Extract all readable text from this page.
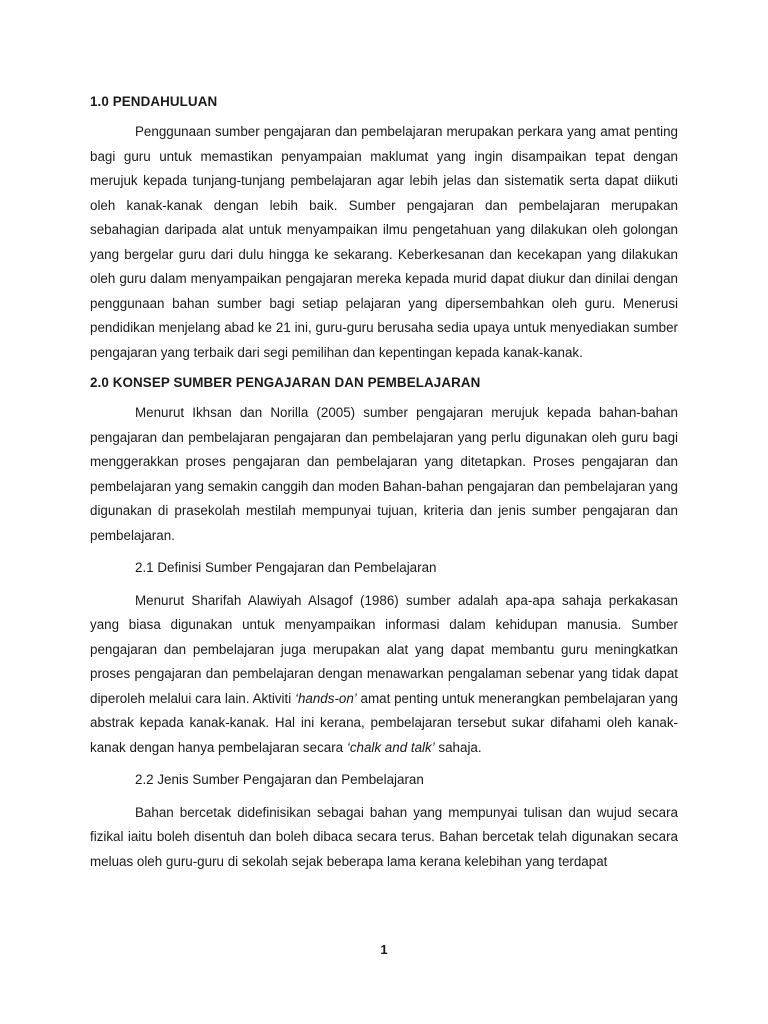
1.0 PENDAHULUAN

Penggunaan sumber pengajaran dan pembelajaran merupakan perkara yang amat penting bagi guru untuk memastikan penyampaian maklumat yang ingin disampaikan tepat dengan merujuk kepada tunjang-tunjang pembelajaran agar lebih jelas dan sistematik serta dapat diikuti oleh kanak-kanak dengan lebih baik. Sumber pengajaran dan pembelajaran merupakan sebahagian daripada alat untuk menyampaikan ilmu pengetahuan yang dilakukan oleh golongan yang bergelar guru dari dulu hingga ke sekarang. Keberkesanan dan kecekapan yang dilakukan oleh guru dalam menyampaikan pengajaran mereka kepada murid dapat diukur dan dinilai dengan penggunaan bahan sumber bagi setiap pelajaran yang dipersembahkan oleh guru. Menerusi pendidikan menjelang abad ke 21 ini, guru-guru berusaha sedia upaya untuk menyediakan sumber pengajaran yang terbaik dari segi pemilihan dan kepentingan kepada kanak-kanak.

2.0 KONSEP SUMBER PENGAJARAN DAN PEMBELAJARAN

Menurut Ikhsan dan Norilla (2005) sumber pengajaran merujuk kepada bahan-bahan pengajaran dan pembelajaran pengajaran dan pembelajaran yang perlu digunakan oleh guru bagi menggerakkan proses pengajaran dan pembelajaran yang ditetapkan. Proses pengajaran dan pembelajaran yang semakin canggih dan moden Bahan-bahan pengajaran dan pembelajaran yang digunakan di prasekolah mestilah mempunyai tujuan, kriteria dan jenis sumber pengajaran dan pembelajaran.

2.1 Definisi Sumber Pengajaran dan Pembelajaran

Menurut Sharifah Alawiyah Alsagof (1986) sumber adalah apa-apa sahaja perkakasan yang biasa digunakan untuk menyampaikan informasi dalam kehidupan manusia. Sumber pengajaran dan pembelajaran juga merupakan alat yang dapat membantu guru meningkatkan proses pengajaran dan pembelajaran dengan menawarkan pengalaman sebenar yang tidak dapat diperoleh melalui cara lain. Aktiviti ‘hands-on’ amat penting untuk menerangkan pembelajaran yang abstrak kepada kanak-kanak. Hal ini kerana, pembelajaran tersebut sukar difahami oleh kanak-kanak dengan hanya pembelajaran secara ‘chalk and talk’ sahaja.

2.2 Jenis Sumber Pengajaran dan Pembelajaran

Bahan bercetak didefinisikan sebagai bahan yang mempunyai tulisan dan wujud secara fizikal iaitu boleh disentuh dan boleh dibaca secara terus. Bahan bercetak telah digunakan secara meluas oleh guru-guru di sekolah sejak beberapa lama kerana kelebihan yang terdapat

1
